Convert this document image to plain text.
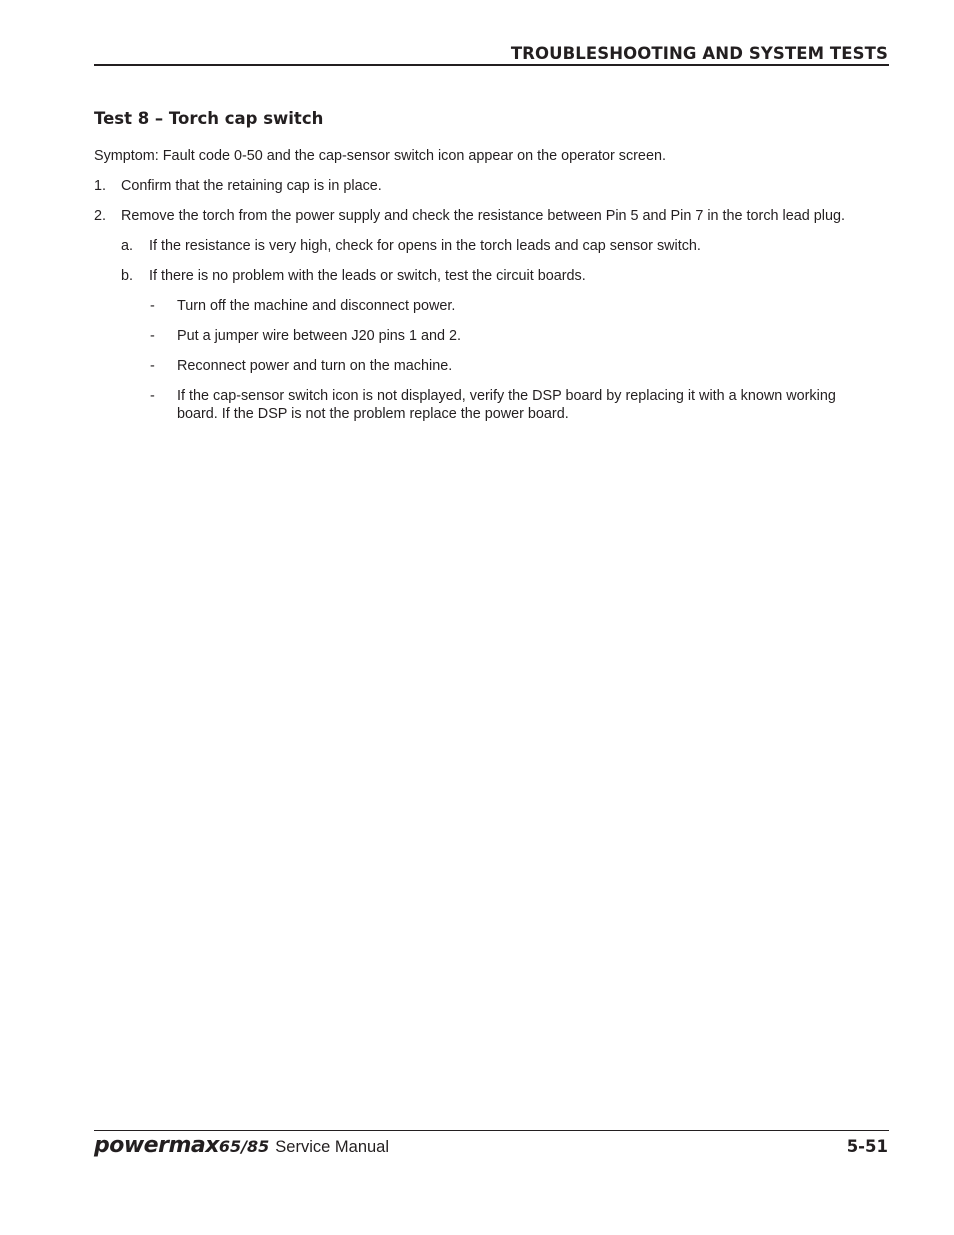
TROUBLESHOOTING AND SYSTEM TESTS
Test 8 – Torch cap switch
Symptom: Fault code 0-50 and the cap-sensor switch icon appear on the operator screen.
1. Confirm that the retaining cap is in place.
2. Remove the torch from the power supply and check the resistance between Pin 5 and Pin 7 in the torch lead plug.
a. If the resistance is very high, check for opens in the torch leads and cap sensor switch.
b. If there is no problem with the leads or switch, test the circuit boards.
- Turn off the machine and disconnect power.
- Put a jumper wire between J20 pins 1 and 2.
- Reconnect power and turn on the machine.
- If the cap-sensor switch icon is not displayed, verify the DSP board by replacing it with a known working board. If the DSP is not the problem replace the power board.
powermax 65/85 Service Manual	5-51
